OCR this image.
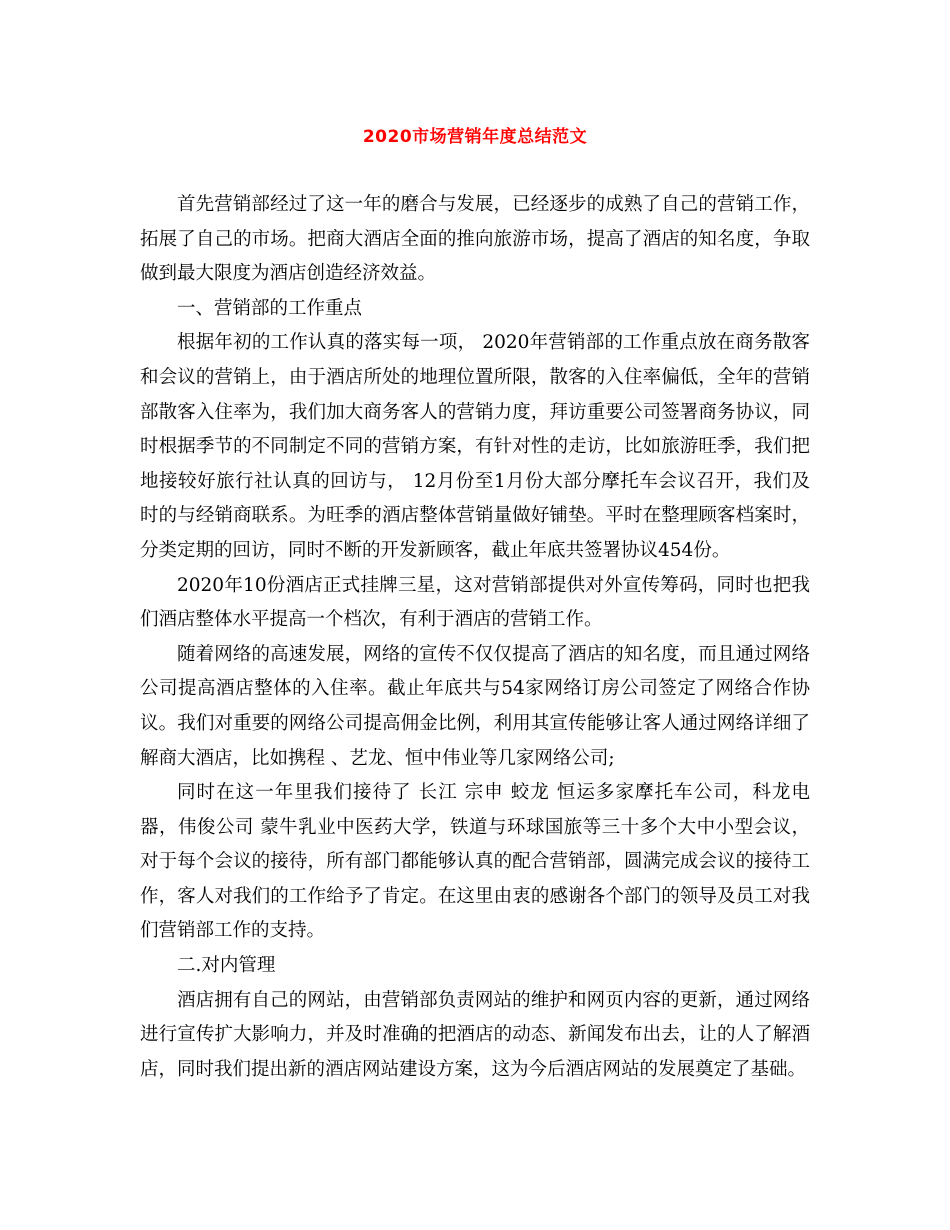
2020市场营销年度总结范文

首先营销部经过了这一年的磨合与发展，已经逐步的成熟了自己的营销工作，拓展了自己的市场。把商大酒店全面的推向旅游市场，提高了酒店的知名度，争取做到最大限度为酒店创造经济效益。

一、营销部的工作重点

根据年初的工作认真的落实每一项， 2020年营销部的工作重点放在商务散客和会议的营销上，由于酒店所处的地理位置所限，散客的入住率偏低，全年的营销部散客入住率为，我们加大商务客人的营销力度，拜访重要公司签署商务协议，同时根据季节的不同制定不同的营销方案，有针对性的走访，比如旅游旺季，我们把地接较好旅行社认真的回访与， 12月份至1月份大部分摩托车会议召开，我们及时的与经销商联系。为旺季的酒店整体营销量做好铺垫。平时在整理顾客档案时，分类定期的回访，同时不断的开发新顾客，截止年底共签署协议454份。

2020年10份酒店正式挂牌三星，这对营销部提供对外宣传筹码，同时也把我们酒店整体水平提高一个档次，有利于酒店的营销工作。

随着网络的高速发展，网络的宣传不仅仅提高了酒店的知名度，而且通过网络公司提高酒店整体的入住率。截止年底共与54家网络订房公司签定了网络合作协议。我们对重要的网络公司提高佣金比例，利用其宣传能够让客人通过网络详细了解商大酒店，比如携程 、艺龙、恒中伟业等几家网络公司;

同时在这一年里我们接待了 长江 宗申 蛟龙 恒运多家摩托车公司，科龙电器，伟俊公司 蒙牛乳业中医药大学，铁道与环球国旅等三十多个大中小型会议，对于每个会议的接待，所有部门都能够认真的配合营销部，圆满完成会议的接待工作，客人对我们的工作给予了肯定。在这里由衷的感谢各个部门的领导及员工对我们营销部工作的支持。

二.对内管理

酒店拥有自己的网站，由营销部负责网站的维护和网页内容的更新，通过网络进行宣传扩大影响力，并及时准确的把酒店的动态、新闻发布出去，让的人了解酒店，同时我们提出新的酒店网站建设方案，这为今后酒店网站的发展奠定了基础。
